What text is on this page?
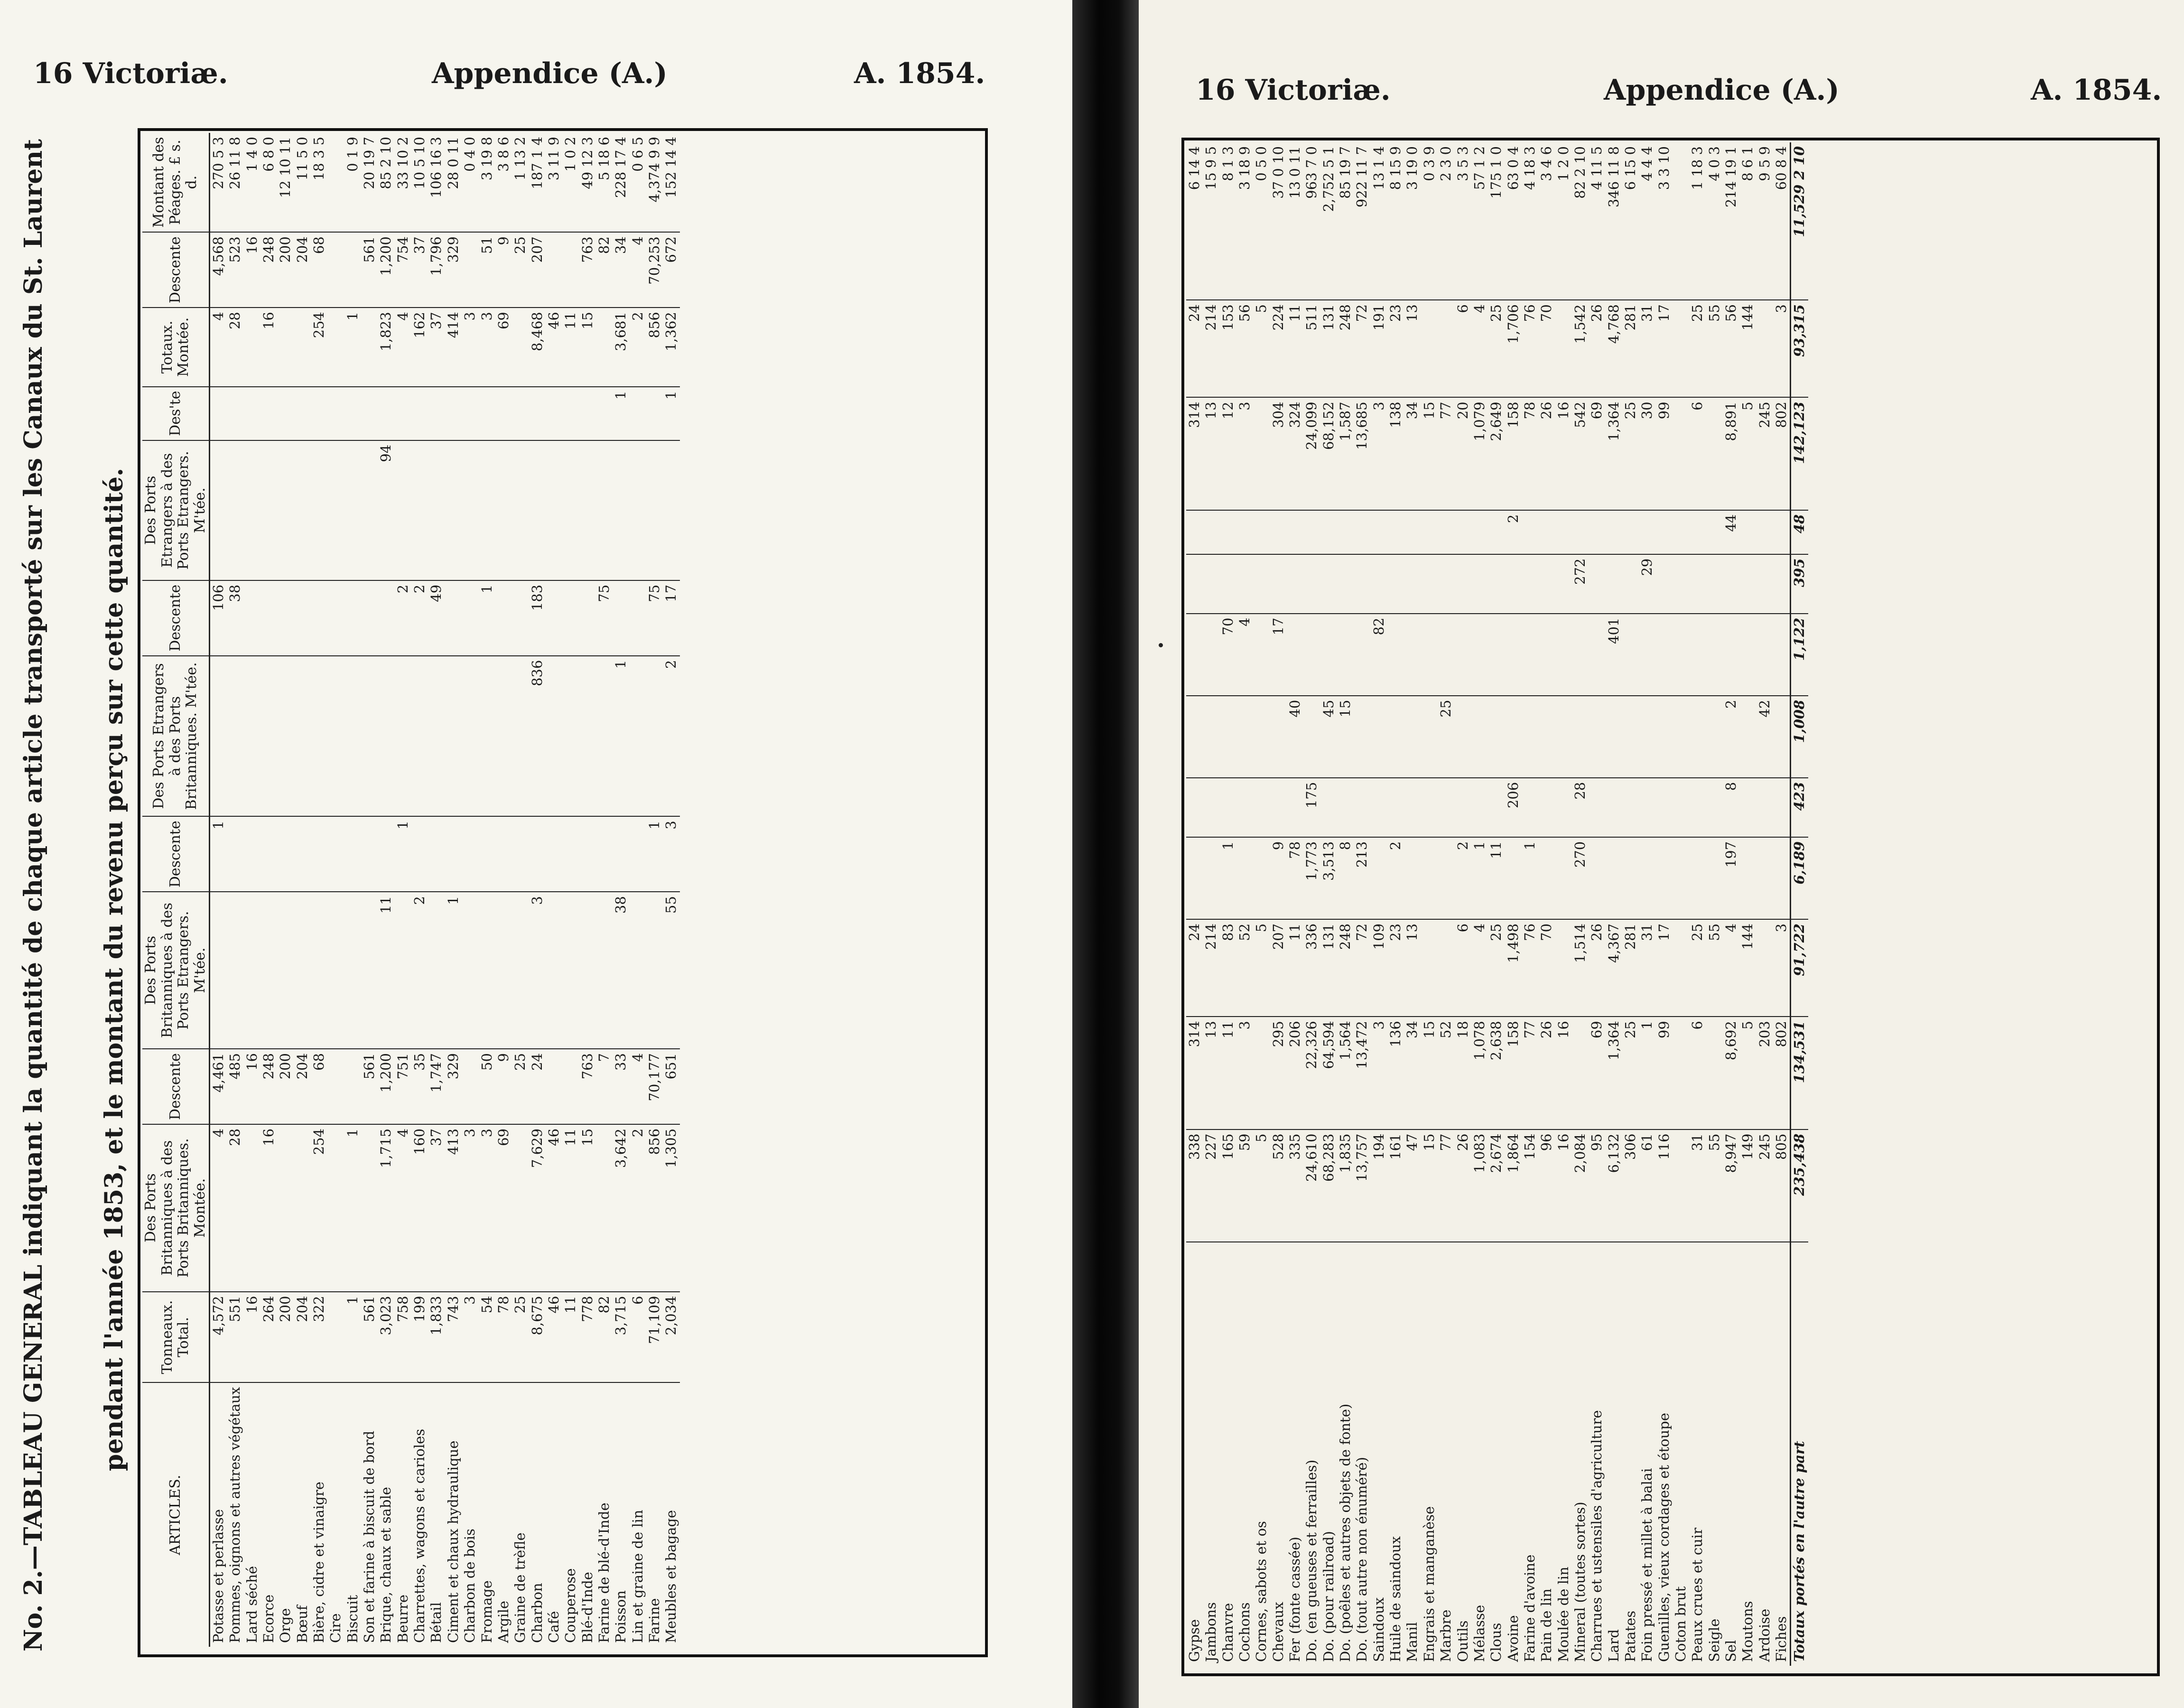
16 Victoriæ.	Appendice (A.)	A. 1854.
No. 2.—TABLEAU GENERAL indiquant la quantité de chaque article transporté sur les Canaux du St. Laurent pendant l'année 1853, et le montant du revenu perçu sur cette quantité.
ARTICLES.	Tonneaux. Total.	Des Ports Britanniques à des Ports Britanniques. Montée.	Descente	Des Ports Britanniques à des Ports Etrangers. M'tée.	Descente	Des Ports Etrangers à des Ports Britanniques. M'tée.	Descente	Des Ports Etrangers à des Ports Etrangers. M'tée.	Des'te	Totaux. Montée.	Descente	Montant des Péages. £ s. d.
Potasse et perlasse	4,572	4	4,461		1		106			4	4,568	270 5 3
Pommes, oignons et autres végétaux	551	28	485				38			28	523	26 11 8
Lard séché	16		16								16	1 4 0
Ecorce	264	16	248							16	248	6 8 0
Orge	200		200								200	12 10 11
Bœuf	204		204								204	11 5 0
Bière, cidre et vinaigre	322	254	68							254	68	18 3 5
Cire												
Biscuit	1	1								1		0 1 9
Son et farine à biscuit de bord	561		561								561	20 19 7
Brique, chaux et sable	3,023	1,715	1,200	11				94		1,823	1,200	85 2 10
Beurre	758	4	751		1		2			4	754	33 10 2
Charrettes, wagons et carioles	199	160	35	2			2			162	37	10 5 10
Bétail	1,833	37	1,747				49			37	1,796	106 16 3
Ciment et chaux hydraulique	743	413	329	1						414	329	28 0 11
Charbon de bois	3	3								3		0 4 0
Fromage	54	3	50				1			3	51	3 19 8
Argile	78	69	9							69	9	3 8 6
Graine de trèfle	25		25								25	1 13 2
Charbon	8,675	7,629	24	3		836	183			8,468	207	187 1 4
Café	46	46								46		3 11 9
Couperose	11	11								11		1 0 2
Blé-d'Inde	778	15	763							15	763	49 12 3
Farine de blé-d'Inde	82		7				75				82	5 18 6
Poisson	3,715	3,642	33	38		1			1	3,681	34	228 17 4
Lin et graine de lin	6	2	4							2	4	0 6 5
Farine	71,109	856	70,177		1		75			856	70,253	4,374 9 9
Meubles et bagage	2,034	1,305	651	55	3	2	17		1	1,362	672	152 14 4
16 Victoriæ.	Appendice (A.)	A. 1854.
Gypse	338	314	24							314	24	6 14 4
Jambons	227	13	214							13	214	15 9 5
Chanvre	165	11	83	1			70			12	153	8 1 3
Cochons	59	3	52				4			3	56	3 18 9
Cornes, sabots et os	5		5								5	0 5 0
Chevaux	528	295	207	9			17			304	224	37 0 10
Fer (fonte cassée)	335	206	11	78		40				324	11	13 0 11
Do. (en gueuses et ferrailles)	24,610	22,326	336	1,773	175					24,099	511	963 7 0
Do. (pour railroad)	68,283	64,594	131	3,513		45				68,152	131	2,752 5 1
Do. (poêles et autres objets de fonte)	1,835	1,564	248	8		15				1,587	248	85 19 7
Do. (tout autre non énuméré)	13,757	13,472	72	213						13,685	72	922 11 7
Saindoux	194	3	109				82			3	191	13 1 4
Huile de saindoux	161	136	23	2						138	23	8 15 9
Manil	47	34	13							34	13	3 19 0
Engrais et manganèse	15	15								15		0 3 9
Marbre	77	52				25				77		2 3 0
Outils	26	18	6	2						20	6	3 5 3
Mélasse	1,083	1,078	4	1						1,079	4	57 1 2
Clous	2,674	2,638	25	11						2,649	25	175 1 0
Avoine	1,864	158	1,498		206				2	158	1,706	63 0 4
Farine d'avoine	154	77	76	1						78	76	4 18 3
Pain de lin	96	26	70							26	70	3 4 6
Moulée de lin	16	16								16		1 2 0
Mineral (toutes sortes)	2,084		1,514	270	28			272		542	1,542	82 2 10
Charrues et ustensiles d'agriculture	95	69	26							69	26	4 11 5
Lard	6,132	1,364	4,367				401			1,364	4,768	346 11 8
Patates	306	25	281							25	281	6 15 0
Foin pressé et millet à balai	61	1	31					29		30	31	4 4 4
Guenilles, vieux cordages et étoupe	116	99	17							99	17	3 3 10
Coton brut												
Peaux crues et cuir	31	6	25							6	25	1 18 3
Seigle	55		55								55	4 0 3
Sel	8,947	8,692	4	197	8	2			44	8,891	56	214 19 1
Moutons	149	5	144							5	144	8 6 1
Ardoise	245	203				42				245		9 5 9
Fiches	805	802	3							802	3	60 8 4
Totaux portés en l'autre part	235,438	134,531	91,722	6,189	423	1,008	1,122	395	48	142,123	93,315	11,529 2 10
